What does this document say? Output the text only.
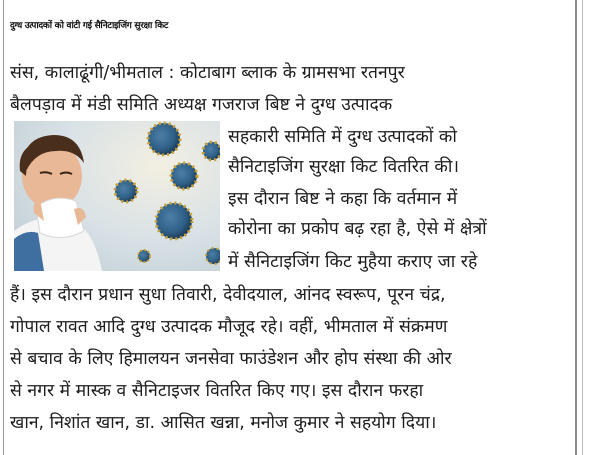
दुग्ध उत्पादकों को वांटी गई सैनिटाइजिंग सुरक्षा किट
संस, कालाढूंगी/भीमताल : कोटाबाग ब्लाक के ग्रामसभा रतनपुर
बैलपड़ाव में मंडी समिति अध्यक्ष गजराज बिष्ट ने दुग्ध उत्पादक
सहकारी समिति में दुग्ध उत्पादकों को
सैनिटाइजिंग सुरक्षा किट वितरित की।
इस दौरान बिष्ट ने कहा कि वर्तमान में
कोरोना का प्रकोप बढ़ रहा है, ऐसे में क्षेत्रों
में सैनिटाइजिंग किट मुहैया कराए जा रहे
हैं। इस दौरान प्रधान सुधा तिवारी, देवीदयाल, आंनद स्वरूप, पूरन चंद्र,
गोपाल रावत आदि दुग्ध उत्पादक मौजूद रहे। वहीं, भीमताल में संक्रमण
से बचाव के लिए हिमालयन जनसेवा फाउंडेशन और होप संस्था की ओर
से नगर में मास्क व सैनिटाइजर वितरित किए गए। इस दौरान फरहा
खान, निशांत खान, डा. आसित खन्ना, मनोज कुमार ने सहयोग दिया।
